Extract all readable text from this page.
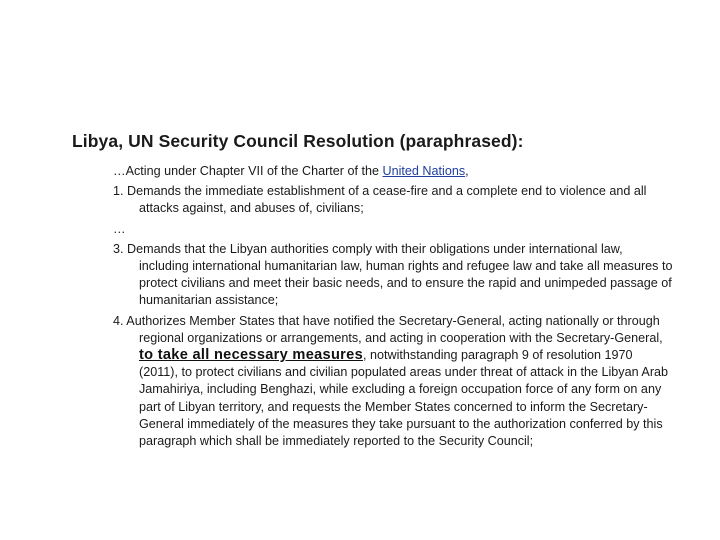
Libya, UN Security Council Resolution (paraphrased):

…Acting under Chapter VII of the Charter of the United Nations,

1. Demands the immediate establishment of a cease-fire and a complete end to violence and all attacks against, and abuses of, civilians;

…

3. Demands that the Libyan authorities comply with their obligations under international law, including international humanitarian law, human rights and refugee law and take all measures to protect civilians and meet their basic needs, and to ensure the rapid and unimpeded passage of humanitarian assistance;

4. Authorizes Member States that have notified the Secretary-General, acting nationally or through regional organizations or arrangements, and acting in cooperation with the Secretary-General, to take all necessary measures, notwithstanding paragraph 9 of resolution 1970 (2011), to protect civilians and civilian populated areas under threat of attack in the Libyan Arab Jamahiriya, including Benghazi, while excluding a foreign occupation force of any form on any part of Libyan territory, and requests the Member States concerned to inform the Secretary-General immediately of the measures they take pursuant to the authorization conferred by this paragraph which shall be immediately reported to the Security Council;
